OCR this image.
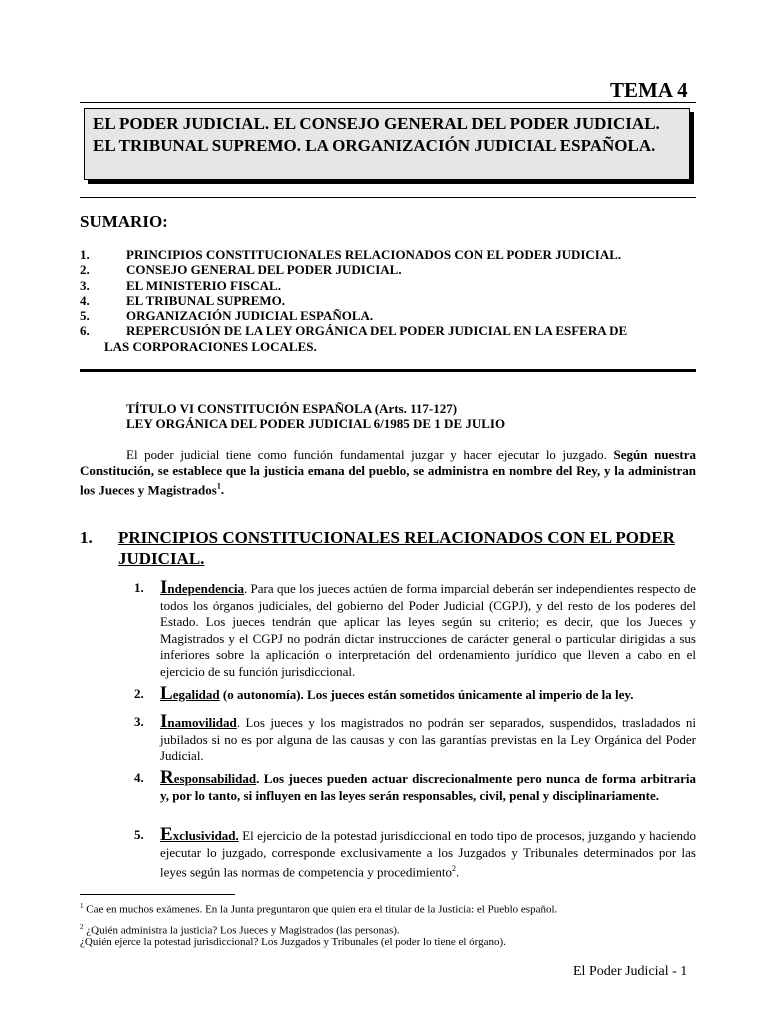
TEMA 4
EL PODER JUDICIAL. EL CONSEJO GENERAL DEL PODER JUDICIAL. EL TRIBUNAL SUPREMO. LA ORGANIZACIÓN JUDICIAL ESPAÑOLA.
SUMARIO:
1.	PRINCIPIOS CONSTITUCIONALES RELACIONADOS CON EL PODER JUDICIAL.
2.	CONSEJO GENERAL DEL PODER JUDICIAL.
3.	EL MINISTERIO FISCAL.
4.	EL TRIBUNAL SUPREMO.
5.	ORGANIZACIÓN JUDICIAL ESPAÑOLA.
6.	REPERCUSIÓN DE LA LEY ORGÁNICA DEL PODER JUDICIAL EN LA ESFERA DE
LAS CORPORACIONES LOCALES.
TÍTULO VI CONSTITUCIÓN ESPAÑOLA (Arts. 117-127)
LEY ORGÁNICA DEL PODER JUDICIAL 6/1985 DE 1 DE JULIO
El poder judicial tiene como función fundamental juzgar y hacer ejecutar lo juzgado. Según nuestra Constitución, se establece que la justicia emana del pueblo, se administra en nombre del Rey, y la administran los Jueces y Magistrados$^1$.
1. PRINCIPIOS CONSTITUCIONALES RELACIONADOS CON EL PODER JUDICIAL.
1. Independencia. Para que los jueces actúen de forma imparcial deberán ser independientes respecto de todos los órganos judiciales, del gobierno del Poder Judicial (CGPJ), y del resto de los poderes del Estado. Los jueces tendrán que aplicar las leyes según su criterio; es decir, que los Jueces y Magistrados y el CGPJ no podrán dictar instrucciones de carácter general o particular dirigidas a sus inferiores sobre la aplicación o interpretación del ordenamiento jurídico que lleven a cabo en el ejercicio de su función jurisdiccional.
2. Legalidad (o autonomía). Los jueces están sometidos únicamente al imperio de la ley.
3. Inamovilidad. Los jueces y los magistrados no podrán ser separados, suspendidos, trasladados ni jubilados si no es por alguna de las causas y con las garantías previstas en la Ley Orgánica del Poder Judicial.
4. Responsabilidad. Los jueces pueden actuar discrecionalmente pero nunca de forma arbitraria y, por lo tanto, si influyen en las leyes serán responsables, civil, penal y disciplinariamente.
5. Exclusividad. El ejercicio de la potestad jurisdiccional en todo tipo de procesos, juzgando y haciendo ejecutar lo juzgado, corresponde exclusivamente a los Juzgados y Tribunales determinados por las leyes según las normas de competencia y procedimiento$^2$.
$^1$ Cae en muchos exámenes. En la Junta preguntaron que quien era el titular de la Justicia: el Pueblo español.
$^2$ ¿Quién administra la justicia? Los Jueces y Magistrados (las personas).
¿Quién ejerce la potestad jurisdiccional? Los Juzgados y Tribunales (el poder lo tiene el órgano).
El Poder Judicial - 1
